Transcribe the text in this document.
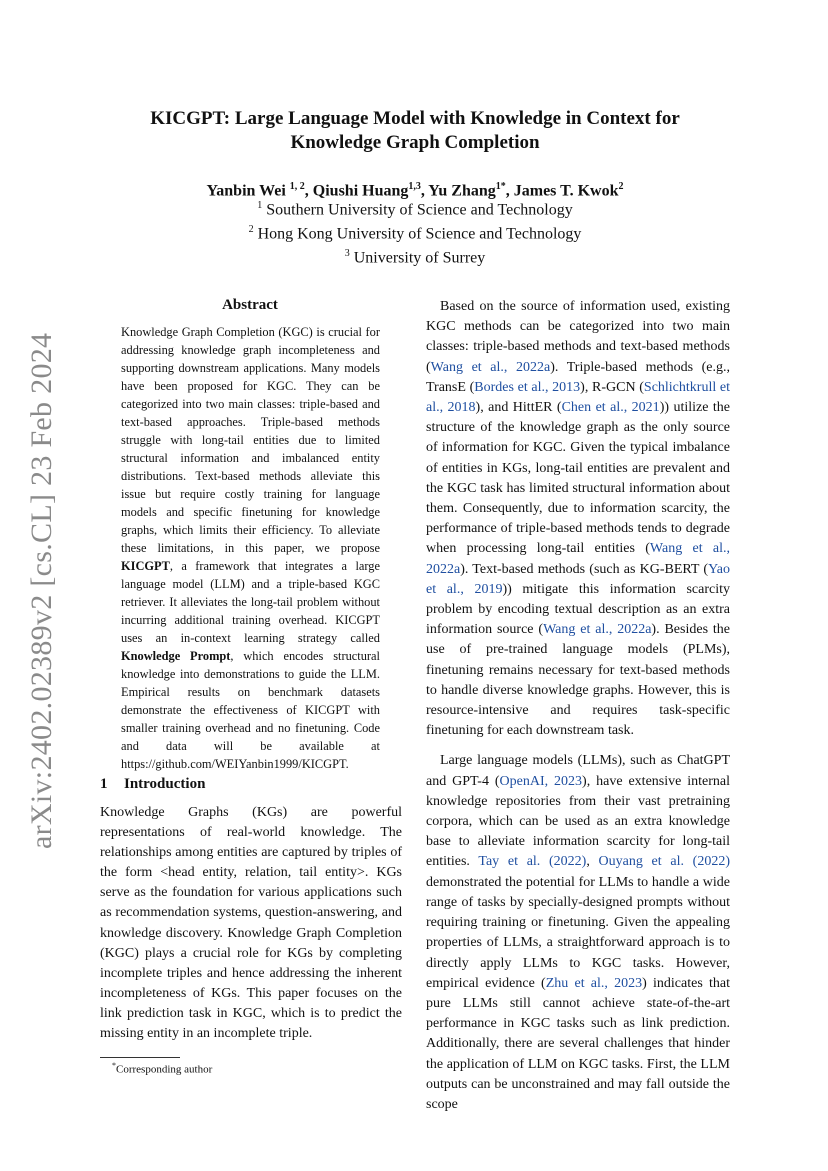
arXiv:2402.02389v2 [cs.CL] 23 Feb 2024
KICGPT: Large Language Model with Knowledge in Context for
Knowledge Graph Completion
Yanbin Wei $^{1, 2}$, Qiushi Huang$^{1,3}$, Yu Zhang$^{1*}$, James T. Kwok$^2$
$^1$ Southern University of Science and Technology
$^2$ Hong Kong University of Science and Technology
$^3$ University of Surrey
Abstract
Knowledge Graph Completion (KGC) is crucial for addressing knowledge graph incompleteness and supporting downstream applications. Many models have been proposed for KGC. They can be categorized into two main classes: triple-based and text-based approaches. Triple-based methods struggle with long-tail entities due to limited structural information and imbalanced entity distributions. Text-based methods alleviate this issue but require costly training for language models and specific finetuning for knowledge graphs, which limits their efficiency. To alleviate these limitations, in this paper, we propose KICGPT, a framework that integrates a large language model (LLM) and a triple-based KGC retriever. It alleviates the long-tail problem without incurring additional training overhead. KICGPT uses an in-context learning strategy called Knowledge Prompt, which encodes structural knowledge into demonstrations to guide the LLM. Empirical results on benchmark datasets demonstrate the effectiveness of KICGPT with smaller training overhead and no finetuning. Code and data will be available at https://github.com/WEIYanbin1999/KICGPT.
1 Introduction

Knowledge Graphs (KGs) are powerful representations of real-world knowledge. The relationships among entities are captured by triples of the form <head entity, relation, tail entity>. KGs serve as the foundation for various applications such as recommendation systems, question-answering, and knowledge discovery. Knowledge Graph Completion (KGC) plays a crucial role for KGs by completing incomplete triples and hence addressing the inherent incompleteness of KGs. This paper focuses on the link prediction task in KGC, which is to predict the missing entity in an incomplete triple.

Based on the source of information used, existing KGC methods can be categorized into two main classes: triple-based methods and text-based methods (Wang et al., 2022a). Triple-based methods (e.g., TransE (Bordes et al., 2013), R-GCN (Schlichtkrull et al., 2018), and HittER (Chen et al., 2021)) utilize the structure of the knowledge graph as the only source of information for KGC. Given the typical imbalance of entities in KGs, long-tail entities are prevalent and the KGC task has limited structural information about them. Consequently, due to information scarcity, the performance of triple-based methods tends to degrade when processing long-tail entities (Wang et al., 2022a). Text-based methods (such as KG-BERT (Yao et al., 2019)) mitigate this information scarcity problem by encoding textual description as an extra information source (Wang et al., 2022a). Besides the use of pre-trained language models (PLMs), finetuning remains necessary for text-based methods to handle diverse knowledge graphs. However, this is resource-intensive and requires task-specific finetuning for each downstream task.

Large language models (LLMs), such as ChatGPT and GPT-4 (OpenAI, 2023), have extensive internal knowledge repositories from their vast pretraining corpora, which can be used as an extra knowledge base to alleviate information scarcity for long-tail entities. Tay et al. (2022), Ouyang et al. (2022) demonstrated the potential for LLMs to handle a wide range of tasks by specially-designed prompts without requiring training or finetuning. Given the appealing properties of LLMs, a straightforward approach is to directly apply LLMs to KGC tasks. However, empirical evidence (Zhu et al., 2023) indicates that pure LLMs still cannot achieve state-of-the-art performance in KGC tasks such as link prediction. Additionally, there are several challenges that hinder the application of LLM on KGC tasks. First, the LLM outputs can be unconstrained and may fall outside the scope

*Corresponding author
